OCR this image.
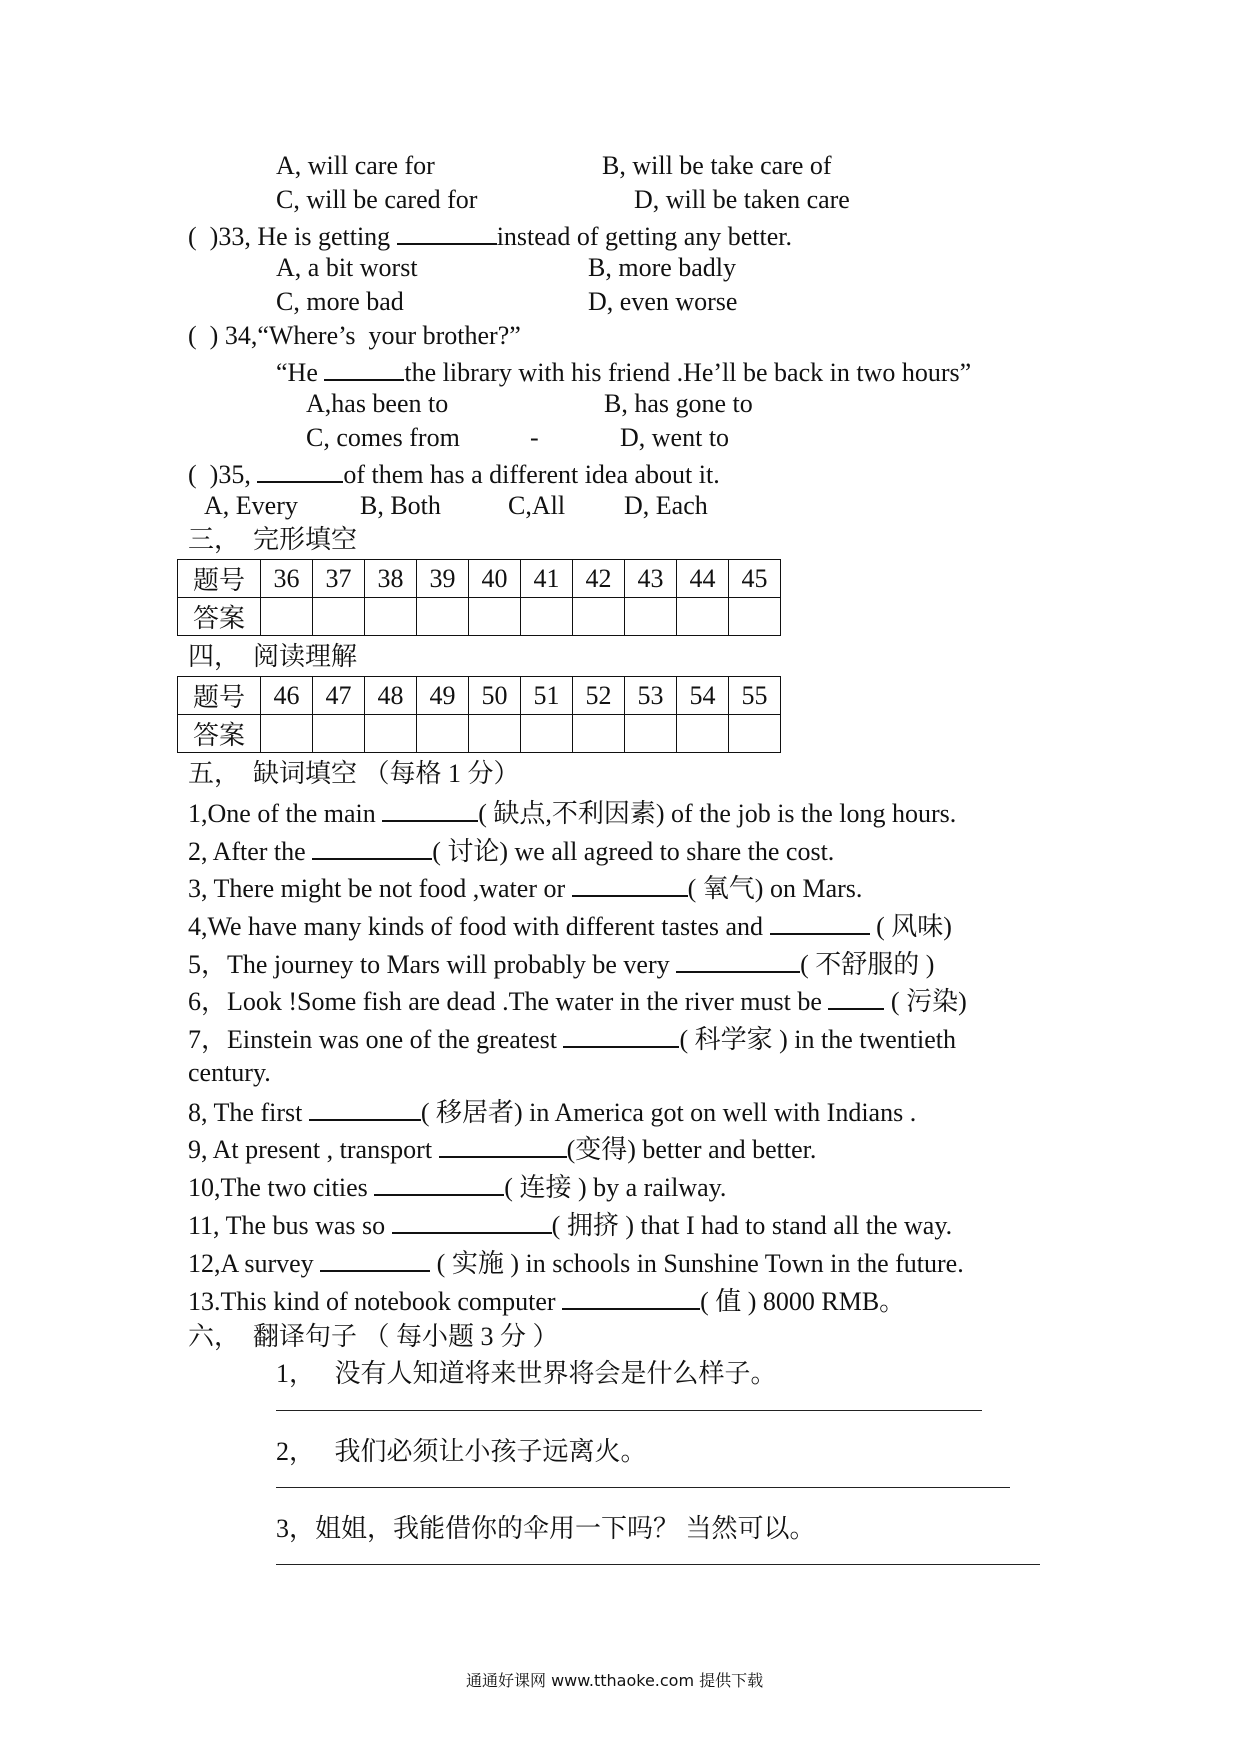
A, will care for	B, will be take care of
C, will be cared for	D, will be taken care
(  )33, He is getting	instead of getting any better.
A, a bit worst	B, more badly
C, more bad	D, even worse
(  ) 34,“Where’s  your brother?”
“He	the library with his friend .He’ll be back in two hours”
A,has been to	B, has gone to
C, comes from	-	D, went to
(  )35,	of them has a different idea about it.
A, Every B, Both	C,All D, Each
三，  完形填空
题号	36	37	38	39	40	41	42	43	44	45
答案										
四，  阅读理解
题号	46	47	48	49	50	51	52	53	54	55
答案										
五，  缺词填空 （每格 1 分）
1,One of the main	( 缺点,不利因素) of the job is the long hours.
2, After the	( 讨论) we all agreed to share the cost.
3, There might be not food ,water or	( 氧气) on Mars.
4,We have many kinds of food with different tastes and	( 风味)
5，The journey to Mars will probably be very	( 不舒服的 )
6，Look !Some fish are dead .The water in the river must be  ( 污染)
7，Einstein was one of the greatest	( 科学家 ) in the twentieth
century.
8, The first	( 移居者) in America got on well with Indians .
9, At present , transport	(变得) better and better.
10,The two cities	( 连接 ) by a railway.
11, The bus was so	( 拥挤 ) that I had to stand all the way.
12,A survey	( 实施 ) in schools in Sunshine Town in the future.
13.This kind of notebook computer	( 值 ) 8000 RMB。
六，  翻译句子 （ 每小题 3 分 ）
1，   没有人知道将来世界将会是什么样子。
2，   我们必须让小孩子远离火。
3，姐姐，我能借你的伞用一下吗？ 当然可以。
通通好课网 www.tthaoke.com 提供下载
